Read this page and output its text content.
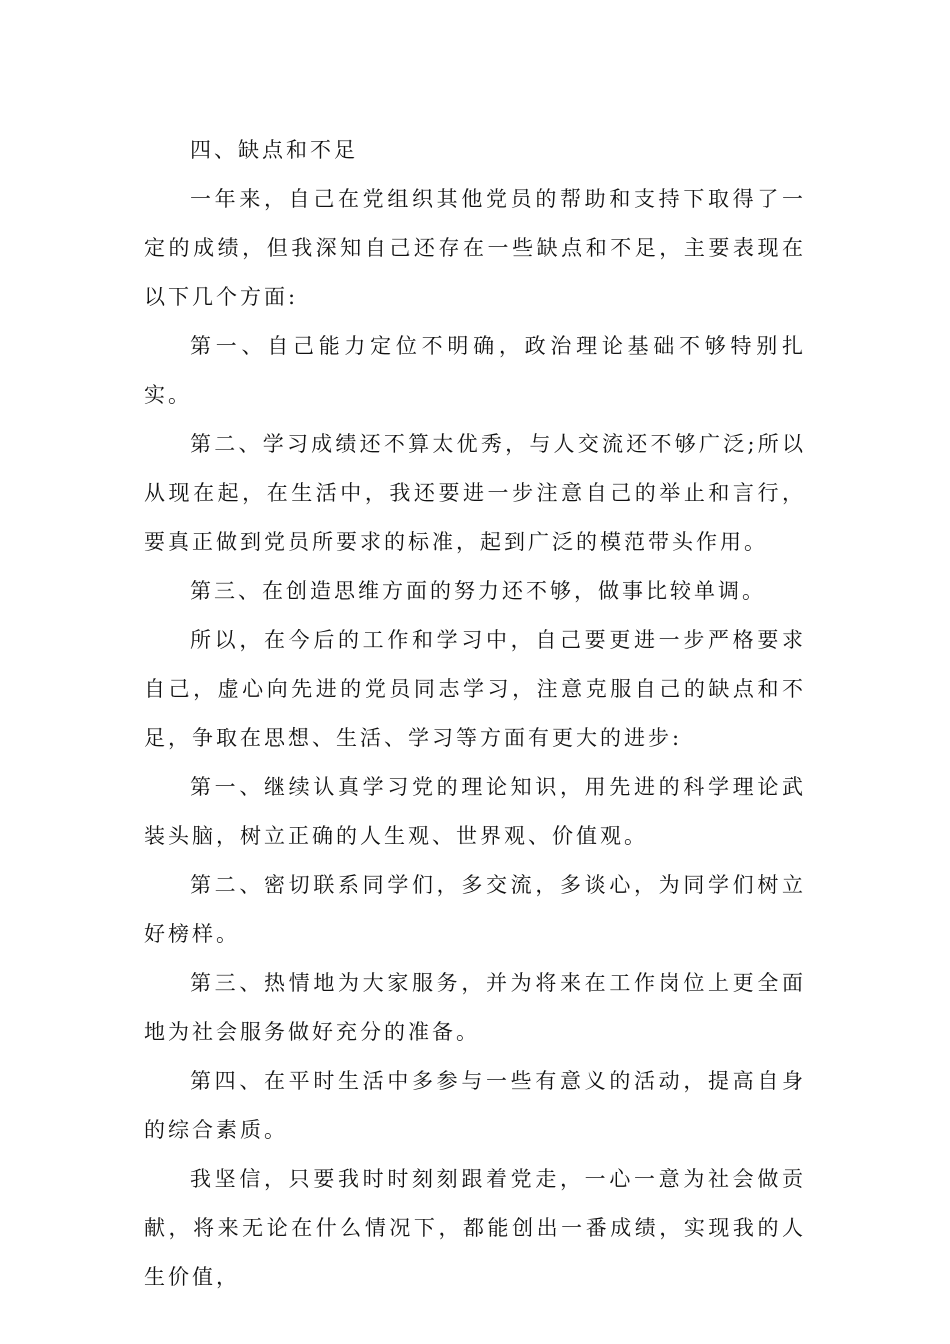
四、缺点和不足

一年来，自己在党组织其他党员的帮助和支持下取得了一定的成绩，但我深知自己还存在一些缺点和不足，主要表现在以下几个方面:

第一、自己能力定位不明确，政治理论基础不够特别扎实。

第二、学习成绩还不算太优秀，与人交流还不够广泛;所以从现在起，在生活中，我还要进一步注意自己的举止和言行，要真正做到党员所要求的标准，起到广泛的模范带头作用。

第三、在创造思维方面的努力还不够，做事比较单调。

所以，在今后的工作和学习中，自己要更进一步严格要求自己，虚心向先进的党员同志学习，注意克服自己的缺点和不足，争取在思想、生活、学习等方面有更大的进步:

第一、继续认真学习党的理论知识，用先进的科学理论武装头脑，树立正确的人生观、世界观、价值观。

第二、密切联系同学们，多交流，多谈心，为同学们树立好榜样。

第三、热情地为大家服务，并为将来在工作岗位上更全面地为社会服务做好充分的准备。

第四、在平时生活中多参与一些有意义的活动，提高自身的综合素质。

我坚信，只要我时时刻刻跟着党走，一心一意为社会做贡献，将来无论在什么情况下，都能创出一番成绩，实现我的人生价值，
